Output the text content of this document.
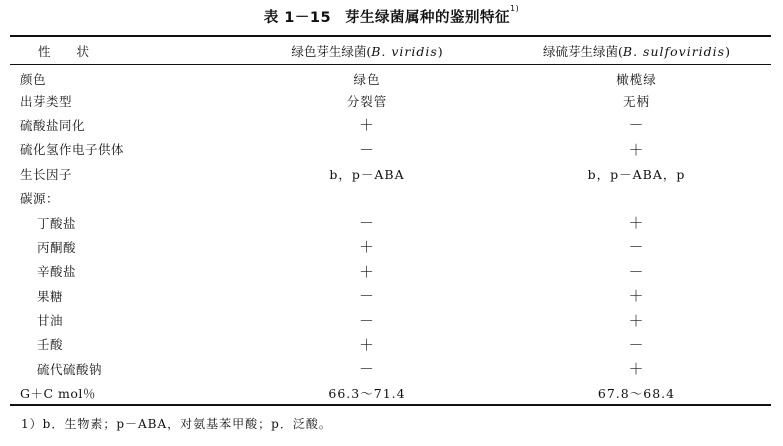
表 1－15 芽生绿菌属种的鉴别特征$^{1)}$
性状	绿色芽生绿菌(B. viridis)	绿硫芽生绿菌(B. sulfoviridis)
颜色	绿色	橄榄绿
出芽类型	分裂管	无柄
硫酸盐同化	＋	－
硫化氢作电子供体	－	＋
生长因子	b，p－ABA	b，p－ABA，p
碳源：		
丁酸盐	－	＋
丙酮酸	＋	－
辛酸盐	＋	－
果糖	－	＋
甘油	－	＋
壬酸	＋	－
硫代硫酸钠	－	＋
G＋C mol％	66.3～71.4	67.8～68.4
1）b．生物素；p－ABA，对氨基苯甲酸；p．泛酸。
